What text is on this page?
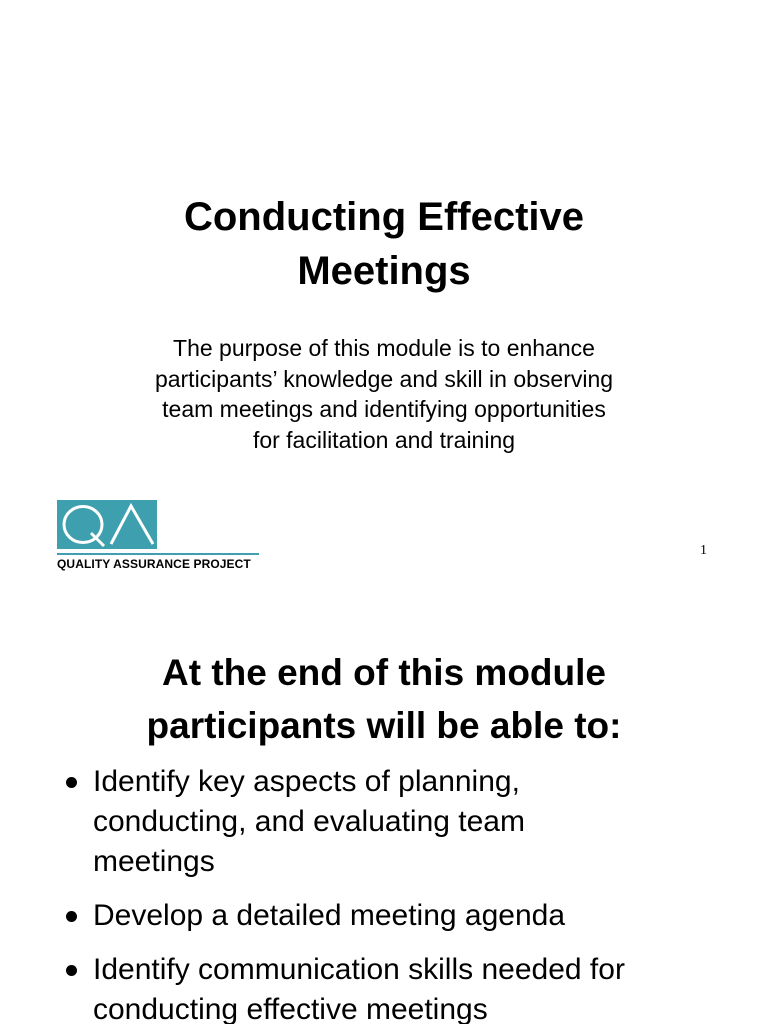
Conducting Effective Meetings
The purpose of this module is to enhance
participants’ knowledge and skill in observing
team meetings and identifying opportunities
for facilitation and training
QUALITY ASSURANCE PROJECT
1
At the end of this module
participants will be able to:
Identify key aspects of planning,
conducting, and evaluating team
meetings
Develop a detailed meeting agenda
Identify communication skills needed for
conducting effective meetings
